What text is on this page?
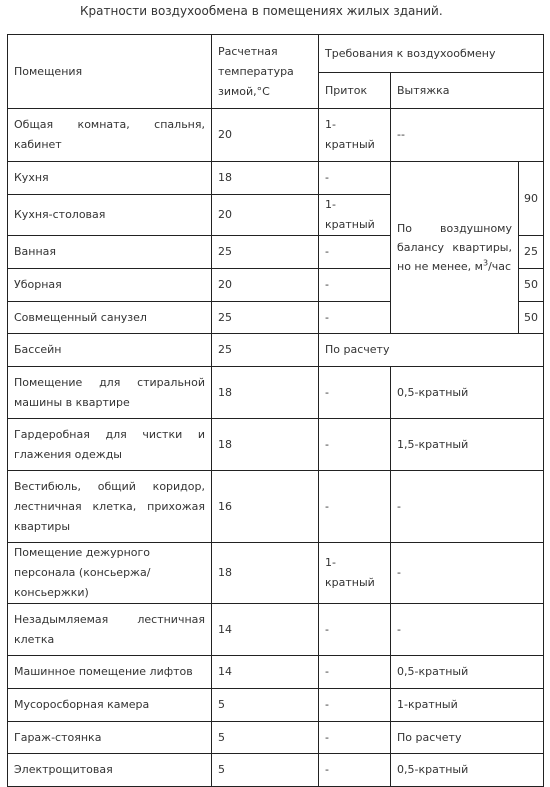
Кратности воздухообмена в помещениях жилых зданий.
Помещения	Расчетная температура зимой,°С	Требования к воздухообмену		
		Приток	Вытяжка	
Общая комната, спальня, кабинет	20	1-кратный	--	
Кухня	18	-	По воздушному балансу квартиры, но не менее, $м^3$/час	90
Кухня-столовая	20	1-кратный		
Ванная	25	-		25
Уборная	20	-		50
Совмещенный санузел	25	-		50
Бассейн	25	По расчету		
Помещение для стиральной машины в квартире	18	-	0,5-кратный	
Гардеробная для чистки и глажения одежды	18	-	1,5-кратный	
Вестибюль, общий коридор, лестничная клетка, прихожая квартиры	16	-	-	
Помещение дежурного персонала (консьержа/консьержки)	18	1-кратный	-	
Незадымляемая лестничная клетка	14	-	-	
Машинное помещение лифтов	14	-	0,5-кратный	
Мусоросборная камера	5	-	1-кратный	
Гараж-стоянка	5	-	По расчету	
Электрощитовая	5	-	0,5-кратный	
